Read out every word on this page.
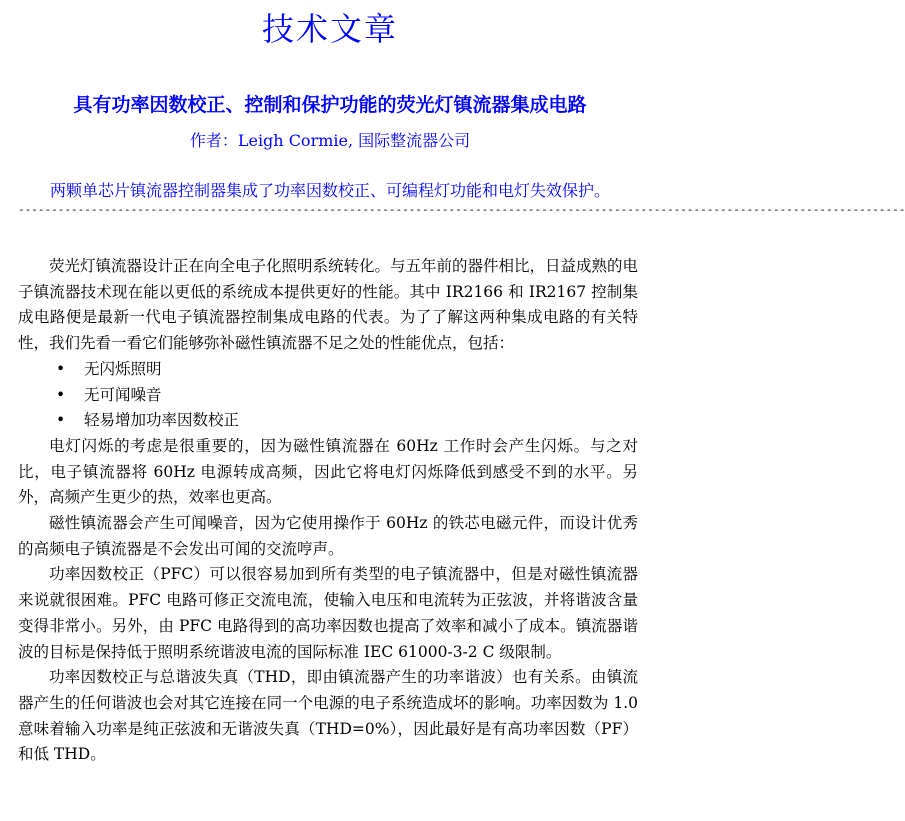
技术文章
具有功率因数校正、控制和保护功能的荧光灯镇流器集成电路
作者：Leigh Cormie, 国际整流器公司
两颗单芯片镇流器控制器集成了功率因数校正、可编程灯功能和电灯失效保护。
--------------------------------------------------------------------------------------------------------------------------------------

荧光灯镇流器设计正在向全电子化照明系统转化。与五年前的器件相比，日益成熟的电子镇流器技术现在能以更低的系统成本提供更好的性能。其中 IR2166 和 IR2167 控制集成电路便是最新一代电子镇流器控制集成电路的代表。为了了解这两种集成电路的有关特性，我们先看一看它们能够弥补磁性镇流器不足之处的性能优点，包括：

•	无闪烁照明
•	无可闻噪音
•	轻易增加功率因数校正

电灯闪烁的考虑是很重要的，因为磁性镇流器在 60Hz 工作时会产生闪烁。与之对比，电子镇流器将 60Hz 电源转成高频，因此它将电灯闪烁降低到感受不到的水平。另外，高频产生更少的热，效率也更高。

磁性镇流器会产生可闻噪音，因为它使用操作于 60Hz 的铁芯电磁元件，而设计优秀的高频电子镇流器是不会发出可闻的交流哼声。

功率因数校正（PFC）可以很容易加到所有类型的电子镇流器中，但是对磁性镇流器来说就很困难。PFC 电路可修正交流电流，使输入电压和电流转为正弦波，并将谐波含量变得非常小。另外，由 PFC 电路得到的高功率因数也提高了效率和减小了成本。镇流器谐波的目标是保持低于照明系统谐波电流的国际标准 IEC 61000-3-2 C 级限制。

功率因数校正与总谐波失真（THD，即由镇流器产生的功率谐波）也有关系。由镇流器产生的任何谐波也会对其它连接在同一个电源的电子系统造成坏的影响。功率因数为 1.0 意味着输入功率是纯正弦波和无谐波失真（THD=0%），因此最好是有高功率因数（PF）和低 THD。
